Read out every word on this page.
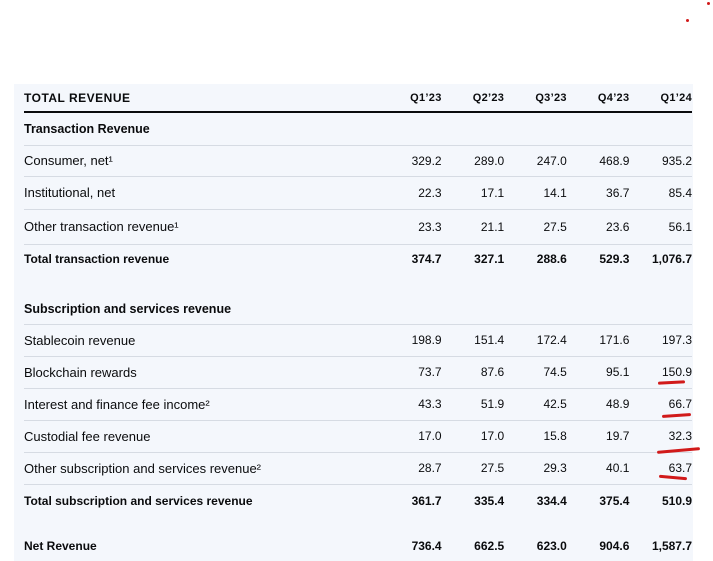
TOTAL REVENUE	Q1’23	Q2’23	Q3’23	Q4’23	Q1’24
Transaction Revenue					
Consumer, net¹	329.2	289.0	247.0	468.9	935.2
Institutional, net	22.3	17.1	14.1	36.7	85.4
Other transaction revenue¹	23.3	21.1	27.5	23.6	56.1
Total transaction revenue	374.7	327.1	288.6	529.3	1,076.7

Subscription and services revenue					
Stablecoin revenue	198.9	151.4	172.4	171.6	197.3
Blockchain rewards	73.7	87.6	74.5	95.1	150.9
Interest and finance fee income²	43.3	51.9	42.5	48.9	66.7
Custodial fee revenue	17.0	17.0	15.8	19.7	32.3
Other subscription and services revenue²	28.7	27.5	29.3	40.1	63.7
Total subscription and services revenue	361.7	335.4	334.4	375.4	510.9

Net Revenue	736.4	662.5	623.0	904.6	1,587.7
